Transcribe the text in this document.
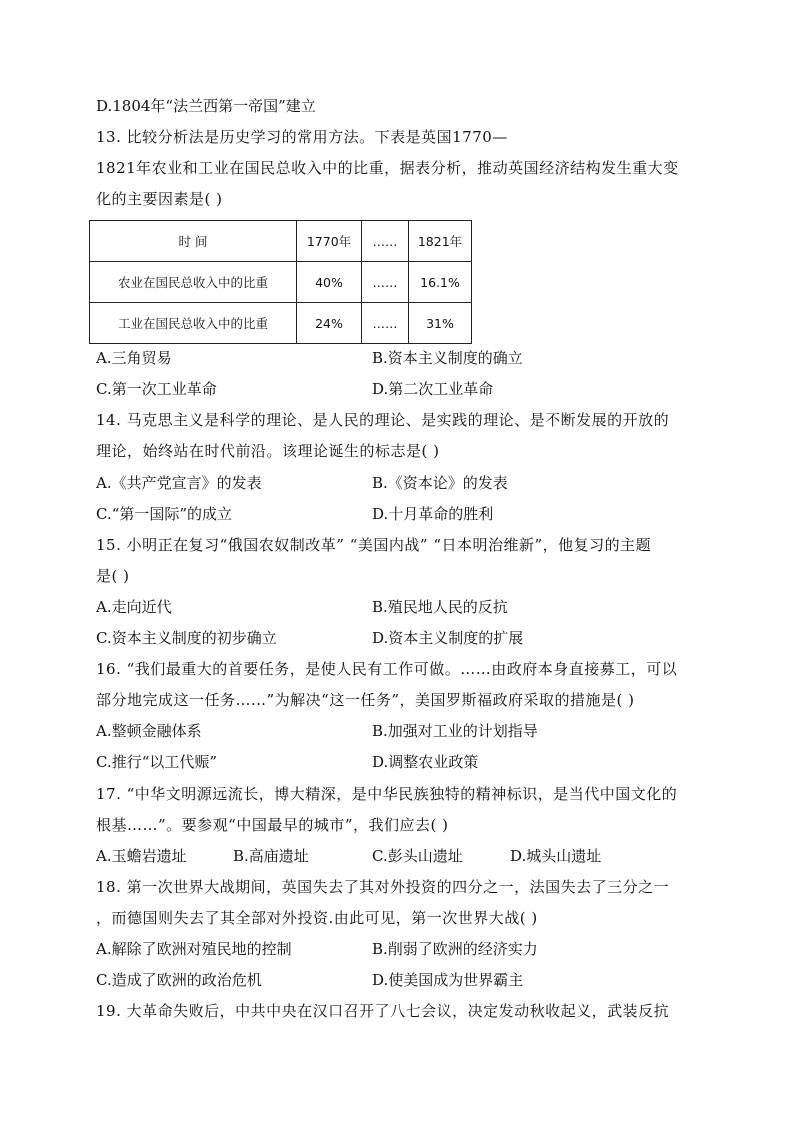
D.1804年“法兰西第一帝国”建立
13. 比较分析法是历史学习的常用方法。下表是英国1770—
1821年农业和工业在国民总收入中的比重，据表分析，推动英国经济结构发生重大变
化的主要因素是( )
时 间	1770年	……	1821年
农业在国民总收入中的比重	40%	……	16.1%
工业在国民总收入中的比重	24%	……	31%
A.三角贸易	B.资本主义制度的确立
C.第一次工业革命	D.第二次工业革命
14. 马克思主义是科学的理论、是人民的理论、是实践的理论、是不断发展的开放的
理论，始终站在时代前沿。该理论诞生的标志是( )
A.《共产党宣言》的发表	B.《资本论》的发表
C.“第一国际”的成立	D.十月革命的胜利
15. 小明正在复习“俄国农奴制改革” “美国内战” “日本明治维新”，他复习的主题
是( )
A.走向近代	B.殖民地人民的反抗
C.资本主义制度的初步确立	D.资本主义制度的扩展
16. “我们最重大的首要任务，是使人民有工作可做。……由政府本身直接募工，可以
部分地完成这一任务……”为解决“这一任务”，美国罗斯福政府采取的措施是( )
A.整顿金融体系	B.加强对工业的计划指导
C.推行“以工代赈”	D.调整农业政策
17. “中华文明源远流长，博大精深，是中华民族独特的精神标识，是当代中国文化的
根基……”。要参观“中国最早的城市”，我们应去( )
A.玉蟾岩遗址	B.高庙遗址	C.彭头山遗址	D.城头山遗址
18. 第一次世界大战期间，英国失去了其对外投资的四分之一，法国失去了三分之一
，而德国则失去了其全部对外投资.由此可见，第一次世界大战( )
A.解除了欧洲对殖民地的控制	B.削弱了欧洲的经济实力
C.造成了欧洲的政治危机	D.使美国成为世界霸主
19. 大革命失败后，中共中央在汉口召开了八七会议，决定发动秋收起义，武装反抗
